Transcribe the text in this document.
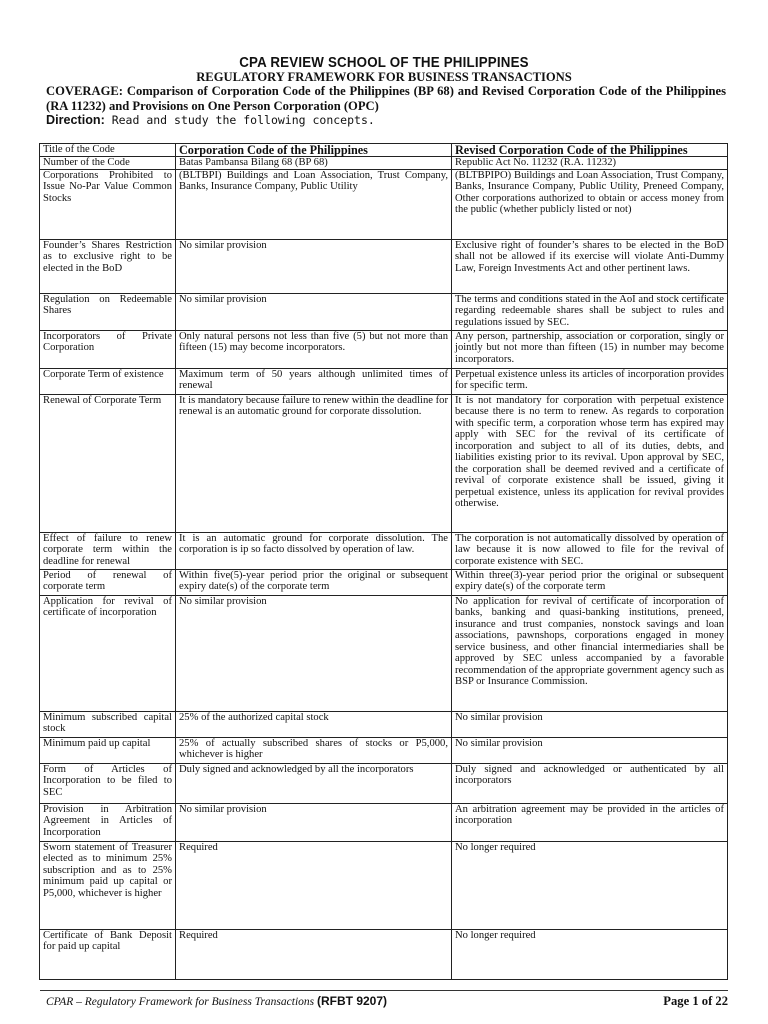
CPA REVIEW SCHOOL OF THE PHILIPPINES
REGULATORY FRAMEWORK FOR BUSINESS TRANSACTIONS
COVERAGE: Comparison of Corporation Code of the Philippines (BP 68) and Revised Corporation Code of the Philippines (RA 11232) and Provisions on One Person Corporation (OPC)
Direction: Read and study the following concepts.
Title of the Code	Corporation Code of the Philippines	Revised Corporation Code of the Philippines
Number of the Code	Batas Pambansa Bilang 68 (BP 68)	Republic Act No. 11232 (R.A. 11232)
Corporations Prohibited to Issue No-Par Value Common Stocks	(BLTBPI) Buildings and Loan Association, Trust Company, Banks, Insurance Company, Public Utility	(BLTBPIPO) Buildings and Loan Association, Trust Company, Banks, Insurance Company, Public Utility, Preneed Company, Other corporations authorized to obtain or access money from the public (whether publicly listed or not)
Founder’s Shares Restriction as to exclusive right to be elected in the BoD	No similar provision	Exclusive right of founder’s shares to be elected in the BoD shall not be allowed if its exercise will violate Anti-Dummy Law, Foreign Investments Act and other pertinent laws.
Regulation on Redeemable Shares	No similar provision	The terms and conditions stated in the AoI and stock certificate regarding redeemable shares shall be subject to rules and regulations issued by SEC.
Incorporators of Private Corporation	Only natural persons not less than five (5) but not more than fifteen (15) may become incorporators.	Any person, partnership, association or corporation, singly or jointly but not more than fifteen (15) in number may become incorporators.
Corporate Term of existence	Maximum term of 50 years although unlimited times of renewal	Perpetual existence unless its articles of incorporation provides for specific term.
Renewal of Corporate Term	It is mandatory because failure to renew within the deadline for renewal is an automatic ground for corporate dissolution.	It is not mandatory for corporation with perpetual existence because there is no term to renew. As regards to corporation with specific term, a corporation whose term has expired may apply with SEC for the revival of its certificate of incorporation and subject to all of its duties, debts, and liabilities existing prior to its revival. Upon approval by SEC, the corporation shall be deemed revived and a certificate of revival of corporate existence shall be issued, giving it perpetual existence, unless its application for revival provides otherwise.
Effect of failure to renew corporate term within the deadline for renewal	It is an automatic ground for corporate dissolution. The corporation is ip so facto dissolved by operation of law.	The corporation is not automatically dissolved by operation of law because it is now allowed to file for the revival of corporate existence with SEC.
Period of renewal of corporate term	Within five(5)-year period prior the original or subsequent expiry date(s) of the corporate term	Within three(3)-year period prior the original or subsequent expiry date(s) of the corporate term
Application for revival of certificate of incorporation	No similar provision	No application for revival of certificate of incorporation of banks, banking and quasi-banking institutions, preneed, insurance and trust companies, nonstock savings and loan associations, pawnshops, corporations engaged in money service business, and other financial intermediaries shall be approved by SEC unless accompanied by a favorable recommendation of the appropriate government agency such as BSP or Insurance Commission.
Minimum subscribed capital stock	25% of the authorized capital stock	No similar provision
Minimum paid up capital	25% of actually subscribed shares of stocks or P5,000, whichever is higher	No similar provision
Form of Articles of Incorporation to be filed to SEC	Duly signed and acknowledged by all the incorporators	Duly signed and acknowledged or authenticated by all incorporators
Provision in Arbitration Agreement in Articles of Incorporation	No similar provision	An arbitration agreement may be provided in the articles of incorporation
Sworn statement of Treasurer elected as to minimum 25% subscription and as to 25% minimum paid up capital or P5,000, whichever is higher	Required	No longer required
Certificate of Bank Deposit for paid up capital	Required	No longer required
CPAR – Regulatory Framework for Business Transactions (RFBT 9207)	Page 1 of 22
